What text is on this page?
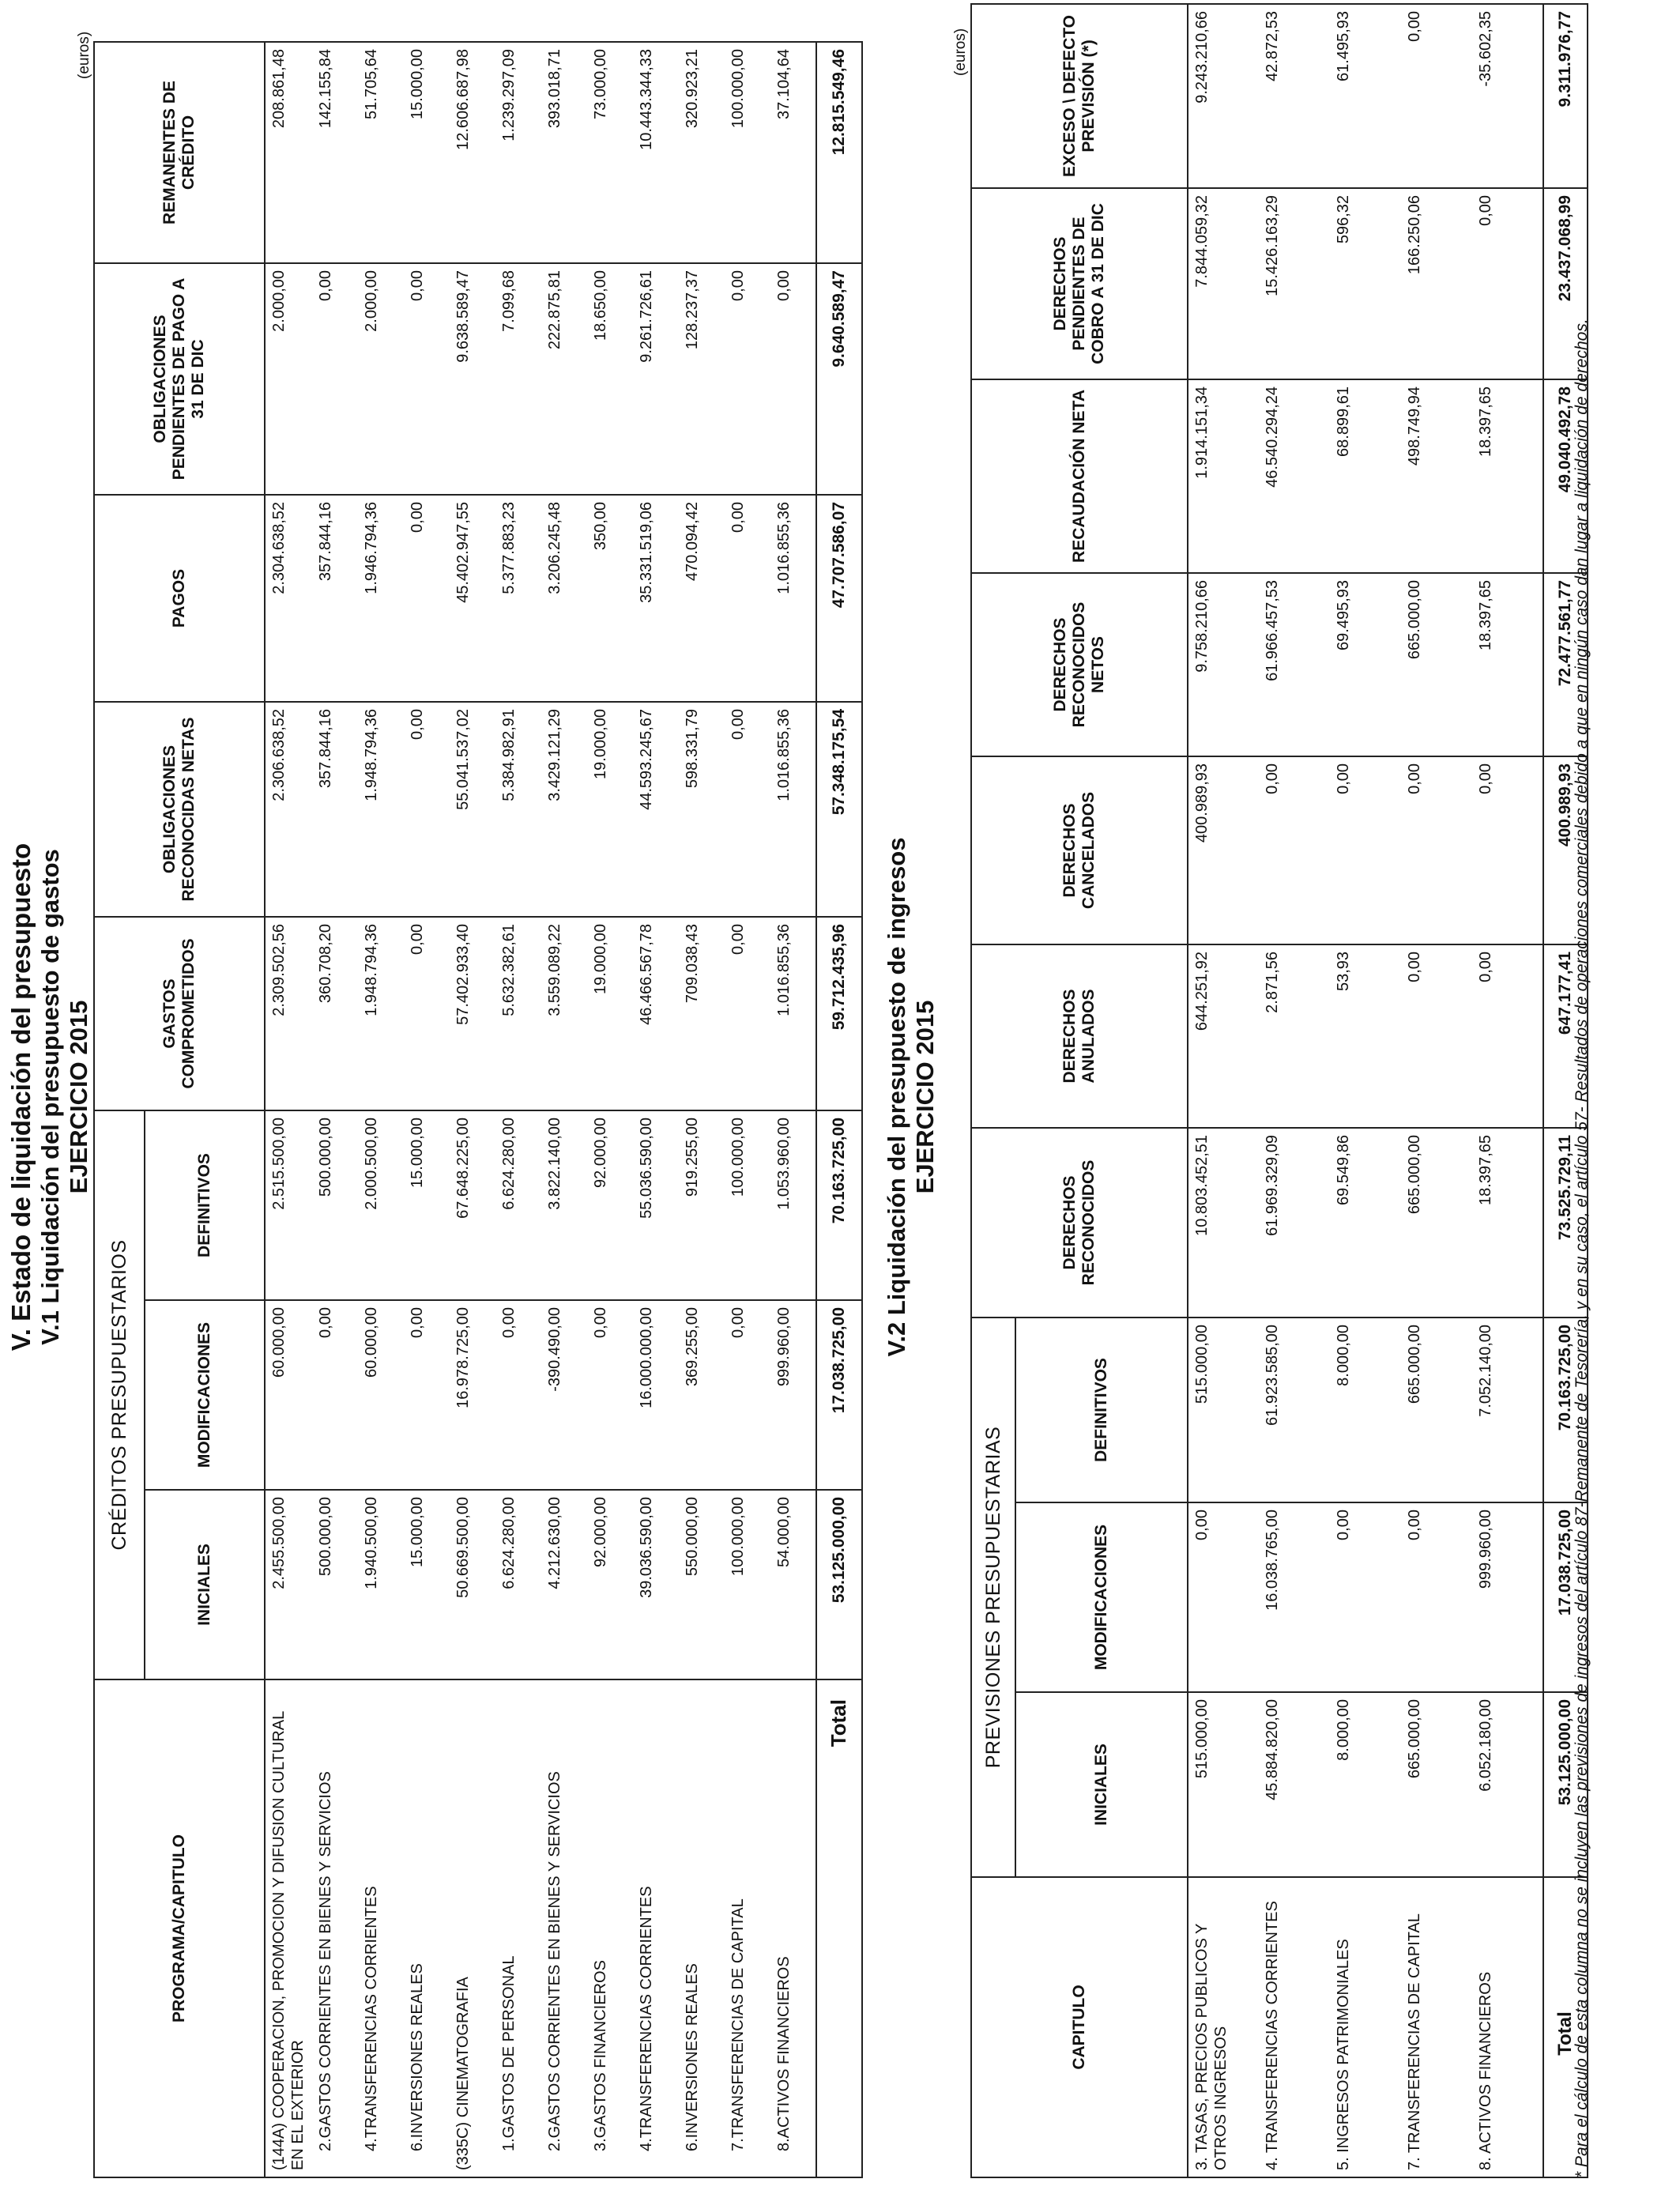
V. Estado de liquidación del presupuesto V.1 Liquidación del presupuesto de gastos EJERCICIO 2015
(euros)
PROGRAMA/CAPITULO	CRÉDITOS PRESUPUESTARIOS			GASTOS COMPROMETIDOS	OBLIGACIONES RECONOCIDAS NETAS	PAGOS	OBLIGACIONES PENDIENTES DE PAGO A 31 DE DIC	REMANENTES DE CRÉDITO
	INICIALES	MODIFICACIONES	DEFINITIVOS					
(144A) COOPERACION, PROMOCION Y DIFUSION CULTURAL EN EL EXTERIOR	2.455.500,00	60.000,00	2.515.500,00	2.309.502,56	2.306.638,52	2.304.638,52	2.000,00	208.861,48
2.GASTOS CORRIENTES EN BIENES Y SERVICIOS	500.000,00	0,00	500.000,00	360.708,20	357.844,16	357.844,16	0,00	142.155,84
4.TRANSFERENCIAS CORRIENTES	1.940.500,00	60.000,00	2.000.500,00	1.948.794,36	1.948.794,36	1.946.794,36	2.000,00	51.705,64
6.INVERSIONES REALES	15.000,00	0,00	15.000,00	0,00	0,00	0,00	0,00	15.000,00
(335C) CINEMATOGRAFIA	50.669.500,00	16.978.725,00	67.648.225,00	57.402.933,40	55.041.537,02	45.402.947,55	9.638.589,47	12.606.687,98
1.GASTOS DE PERSONAL	6.624.280,00	0,00	6.624.280,00	5.632.382,61	5.384.982,91	5.377.883,23	7.099,68	1.239.297,09
2.GASTOS CORRIENTES EN BIENES Y SERVICIOS	4.212.630,00	-390.490,00	3.822.140,00	3.559.089,22	3.429.121,29	3.206.245,48	222.875,81	393.018,71
3.GASTOS FINANCIEROS	92.000,00	0,00	92.000,00	19.000,00	19.000,00	350,00	18.650,00	73.000,00
4.TRANSFERENCIAS CORRIENTES	39.036.590,00	16.000.000,00	55.036.590,00	46.466.567,78	44.593.245,67	35.331.519,06	9.261.726,61	10.443.344,33
6.INVERSIONES REALES	550.000,00	369.255,00	919.255,00	709.038,43	598.331,79	470.094,42	128.237,37	320.923,21
7.TRANSFERENCIAS DE CAPITAL	100.000,00	0,00	100.000,00	0,00	0,00	0,00	0,00	100.000,00
8.ACTIVOS FINANCIEROS	54.000,00	999.960,00	1.053.960,00	1.016.855,36	1.016.855,36	1.016.855,36	0,00	37.104,64
Total	53.125.000,00	17.038.725,00	70.163.725,00	59.712.435,96	57.348.175,54	47.707.586,07	9.640.589,47	12.815.549,46
V.2 Liquidación del presupuesto de ingresos EJERCICIO 2015
(euros)
CAPITULO	PREVISIONES PRESUPUESTARIAS			DERECHOS RECONOCIDOS	DERECHOS ANULADOS	DERECHOS CANCELADOS	DERECHOS RECONOCIDOS NETOS	RECAUDACIÓN NETA	DERECHOS PENDIENTES DE COBRO A 31 DE DIC	EXCESO \ DEFECTO PREVISIÓN (*)
	INICIALES	MODIFICACIONES	DEFINITIVOS							
3. TASAS, PRECIOS PUBLICOS Y OTROS INGRESOS	515.000,00	0,00	515.000,00	10.803.452,51	644.251,92	400.989,93	9.758.210,66	1.914.151,34	7.844.059,32	9.243.210,66
4. TRANSFERENCIAS CORRIENTES	45.884.820,00	16.038.765,00	61.923.585,00	61.969.329,09	2.871,56	0,00	61.966.457,53	46.540.294,24	15.426.163,29	42.872,53
5. INGRESOS PATRIMONIALES	8.000,00	0,00	8.000,00	69.549,86	53,93	0,00	69.495,93	68.899,61	596,32	61.495,93
7. TRANSFERENCIAS DE CAPITAL	665.000,00	0,00	665.000,00	665.000,00	0,00	0,00	665.000,00	498.749,94	166.250,06	0,00
8. ACTIVOS FINANCIEROS	6.052.180,00	999.960,00	7.052.140,00	18.397,65	0,00	0,00	18.397,65	18.397,65	0,00	-35.602,35
Total	53.125.000,00	17.038.725,00	70.163.725,00	73.525.729,11	647.177,41	400.989,93	72.477.561,77	49.040.492,78	23.437.068,99	9.311.976,77
* Para el cálculo de esta columna no se incluyen las previsiones de ingresos del artículo 87-Remanente de Tesorería, y en su caso, el artículo 57- Resultados de operaciones comerciales debido a que en ningún caso dan lugar a liquidación de derechos.
